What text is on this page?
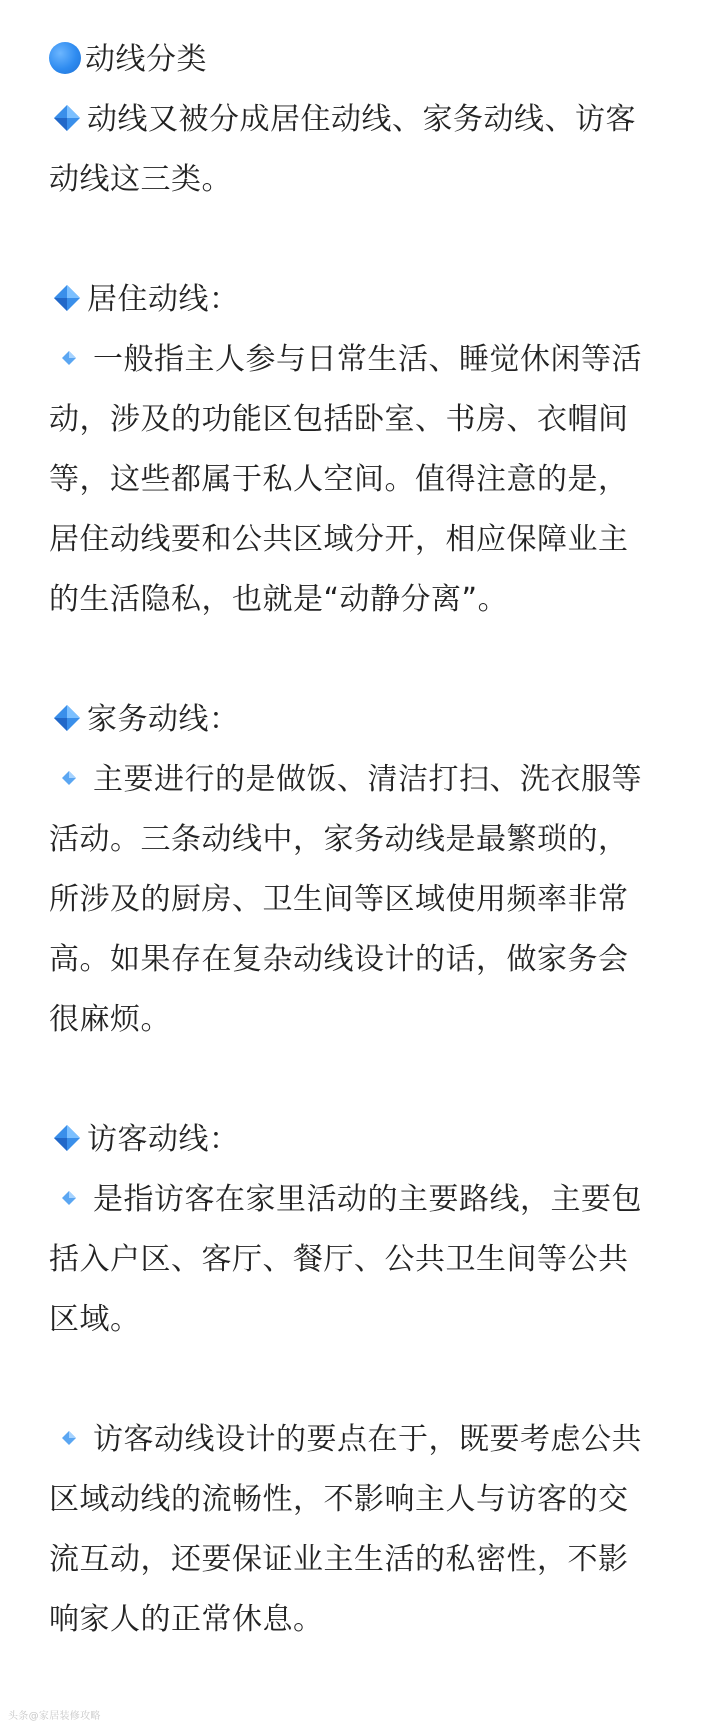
动线分类
动线又被分成居住动线、家务动线、访客
动线这三类。
居住动线：
一般指主人参与日常生活、睡觉休闲等活
动，涉及的功能区包括卧室、书房、衣帽间
等，这些都属于私人空间。值得注意的是，
居住动线要和公共区域分开，相应保障业主
的生活隐私，也就是“动静分离”。
家务动线：
主要进行的是做饭、清洁打扫、洗衣服等
活动。三条动线中，家务动线是最繁琐的，
所涉及的厨房、卫生间等区域使用频率非常
高。如果存在复杂动线设计的话，做家务会
很麻烦。
访客动线：
是指访客在家里活动的主要路线，主要包
括入户区、客厅、餐厅、公共卫生间等公共
区域。
访客动线设计的要点在于，既要考虑公共
区域动线的流畅性，不影响主人与访客的交
流互动，还要保证业主生活的私密性，不影
响家人的正常休息。
头条@家居装修攻略
